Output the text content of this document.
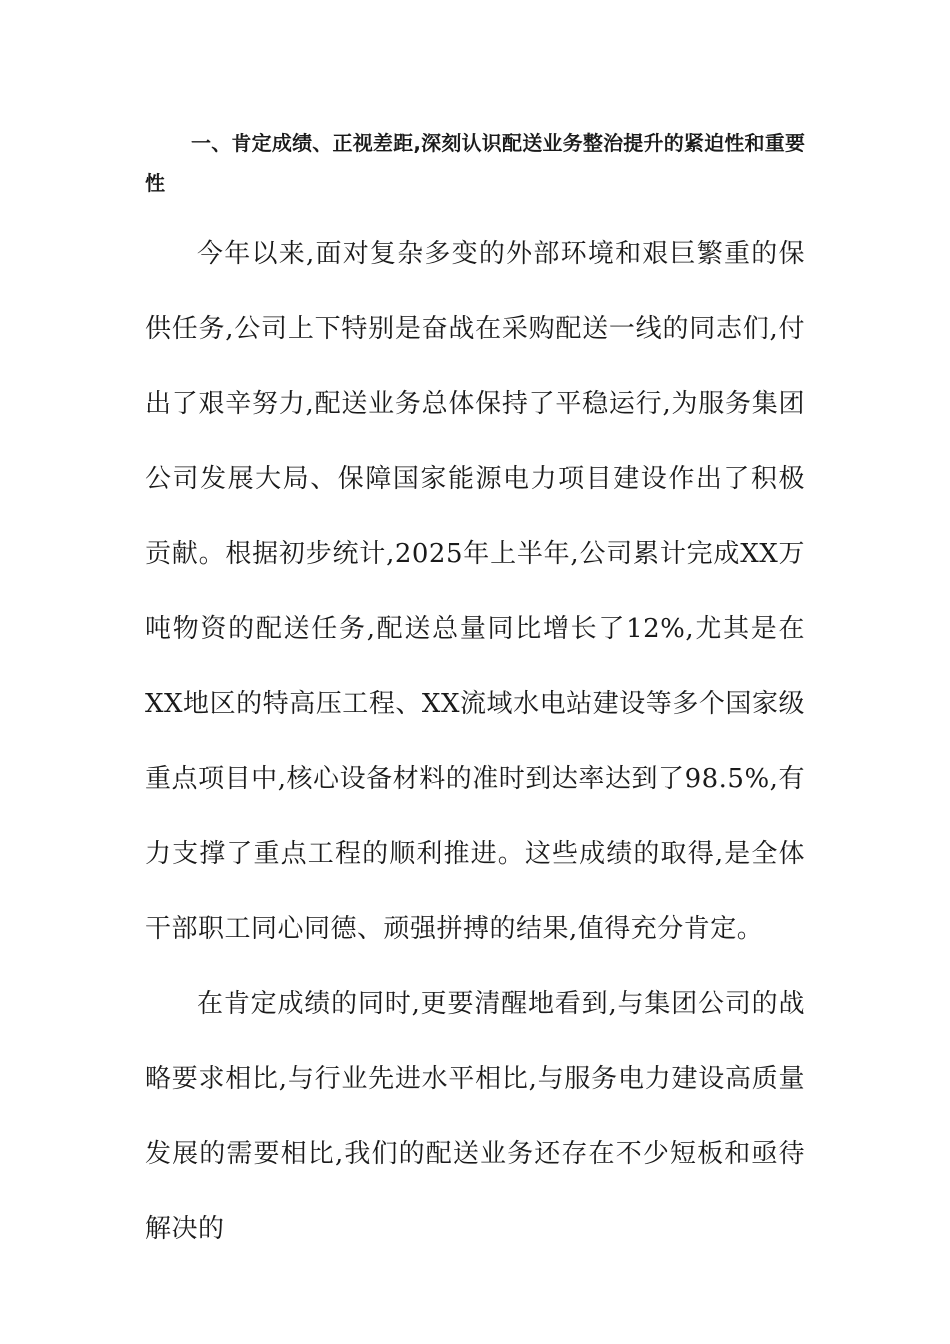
一、肯定成绩、正视差距,深刻认识配送业务整治提升的紧迫性和重要性

今年以来,面对复杂多变的外部环境和艰巨繁重的保供任务,公司上下特别是奋战在采购配送一线的同志们,付出了艰辛努力,配送业务总体保持了平稳运行,为服务集团公司发展大局、保障国家能源电力项目建设作出了积极贡献。根据初步统计,2025年上半年,公司累计完成XX万吨物资的配送任务,配送总量同比增长了12%,尤其是在XX地区的特高压工程、XX流域水电站建设等多个国家级重点项目中,核心设备材料的准时到达率达到了98.5%,有力支撑了重点工程的顺利推进。这些成绩的取得,是全体干部职工同心同德、顽强拼搏的结果,值得充分肯定。

在肯定成绩的同时,更要清醒地看到,与集团公司的战略要求相比,与行业先进水平相比,与服务电力建设高质量发展的需要相比,我们的配送业务还存在不少短板和亟待解决的
